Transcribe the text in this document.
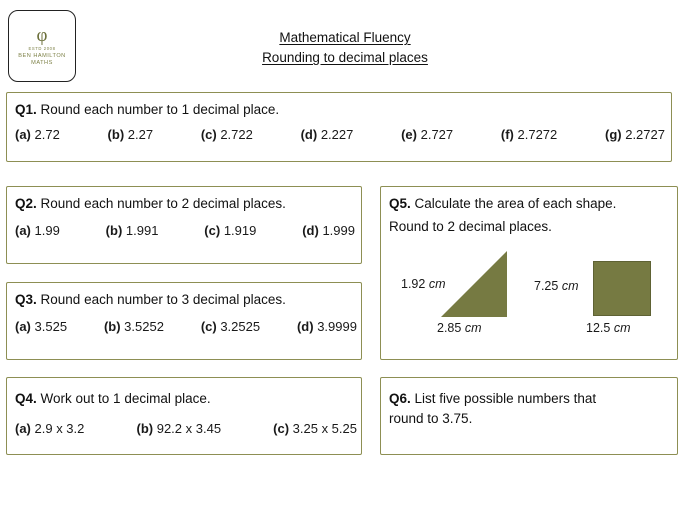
φ
ESTD 2008
BEN HAMILTON
MATHS
Mathematical Fluency
Rounding to decimal places
Q1. Round each number to 1 decimal place.
(a) 2.72	(b) 2.27	(c) 2.722	(d) 2.227	(e) 2.727	(f) 2.7272	(g) 2.2727
Q2. Round each number to 2 decimal places.
(a) 1.99	(b) 1.991	(c) 1.919	(d) 1.999
Q3. Round each number to 3 decimal places.
(a) 3.525	(b) 3.5252	(c) 3.2525	(d) 3.9999
Q4. Work out to 1 decimal place.
(a) 2.9 x 3.2	(b) 92.2 x 3.45	(c) 3.25 x 5.25
Q5. Calculate the area of each shape.
Round to 2 decimal places.
1.92 cm
2.85 cm
7.25 cm
12.5 cm
Q6. List five possible numbers that
round to 3.75.
